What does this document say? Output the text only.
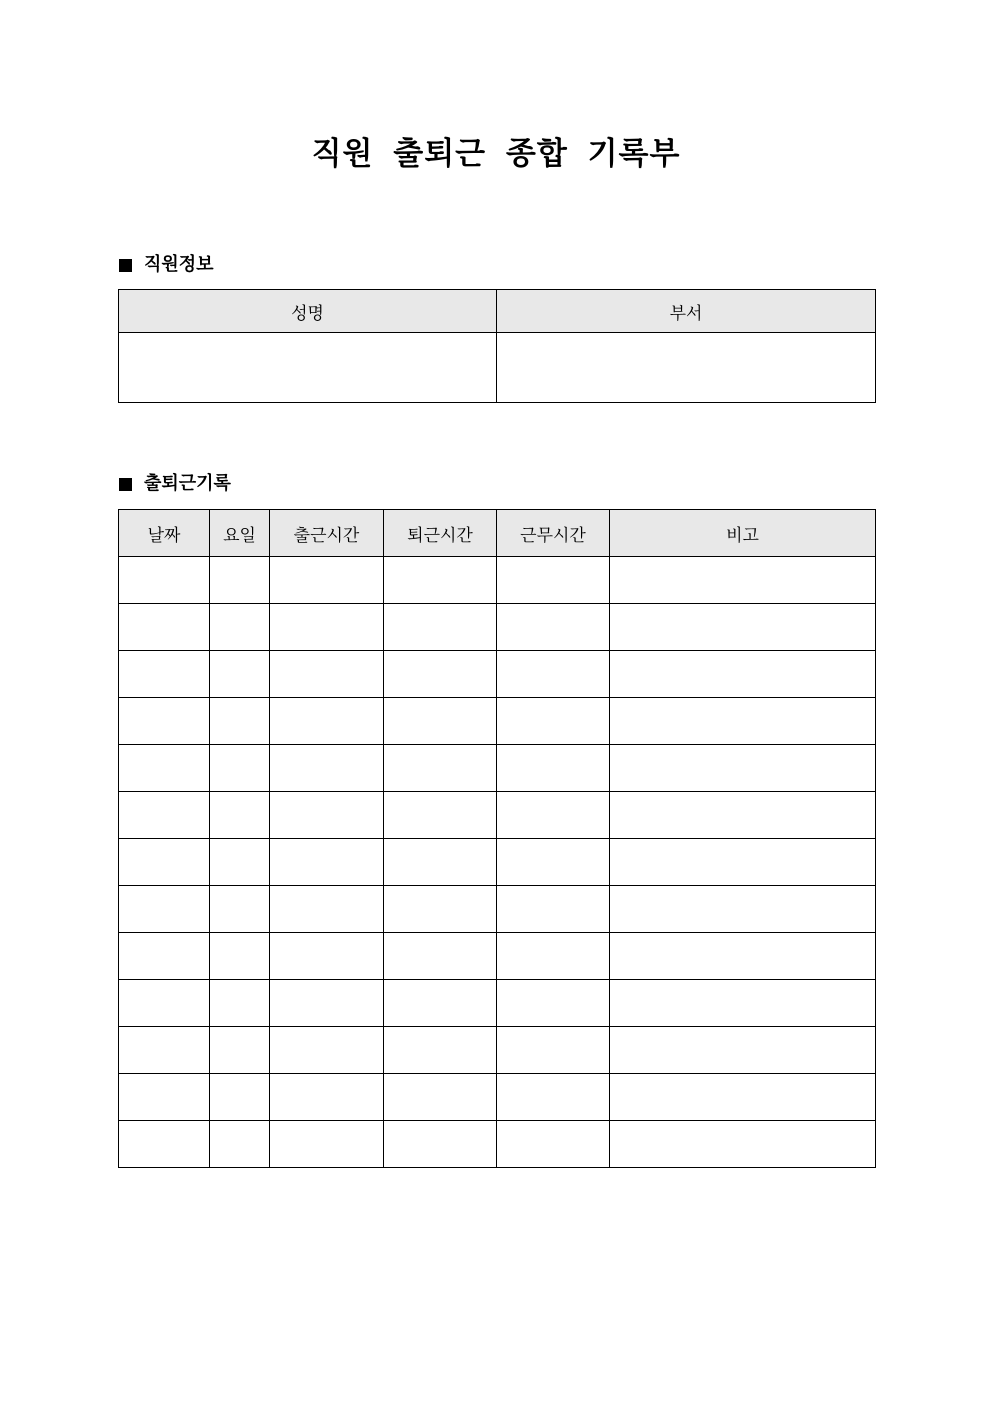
직원 출퇴근 종합 기록부
직원정보
성명	부서

출퇴근기록
날짜	요일	출근시간	퇴근시간	근무시간	비고
